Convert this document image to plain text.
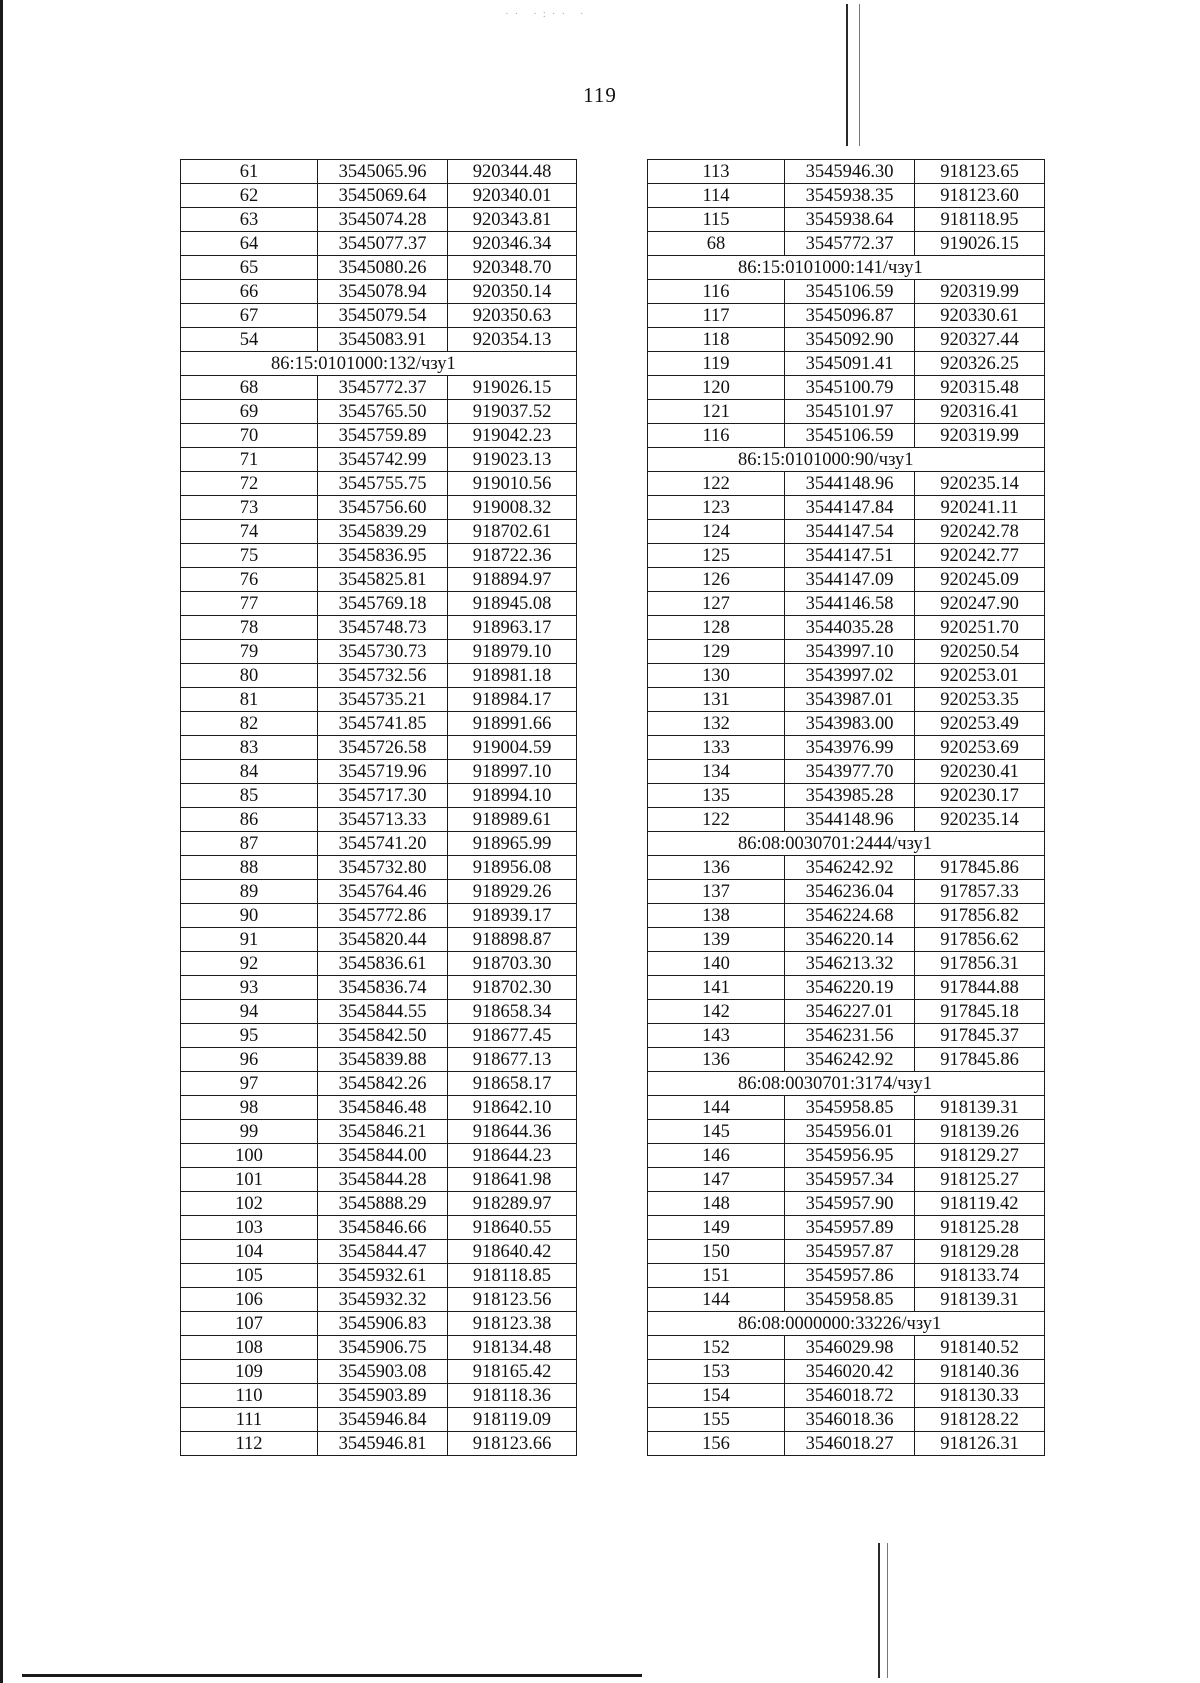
·· ·:·· ·
119
61	3545065.96	920344.48
62	3545069.64	920340.01
63	3545074.28	920343.81
64	3545077.37	920346.34
65	3545080.26	920348.70
66	3545078.94	920350.14
67	3545079.54	920350.63
54	3545083.91	920354.13
86:15:0101000:132/чзу1		
68	3545772.37	919026.15
69	3545765.50	919037.52
70	3545759.89	919042.23
71	3545742.99	919023.13
72	3545755.75	919010.56
73	3545756.60	919008.32
74	3545839.29	918702.61
75	3545836.95	918722.36
76	3545825.81	918894.97
77	3545769.18	918945.08
78	3545748.73	918963.17
79	3545730.73	918979.10
80	3545732.56	918981.18
81	3545735.21	918984.17
82	3545741.85	918991.66
83	3545726.58	919004.59
84	3545719.96	918997.10
85	3545717.30	918994.10
86	3545713.33	918989.61
87	3545741.20	918965.99
88	3545732.80	918956.08
89	3545764.46	918929.26
90	3545772.86	918939.17
91	3545820.44	918898.87
92	3545836.61	918703.30
93	3545836.74	918702.30
94	3545844.55	918658.34
95	3545842.50	918677.45
96	3545839.88	918677.13
97	3545842.26	918658.17
98	3545846.48	918642.10
99	3545846.21	918644.36
100	3545844.00	918644.23
101	3545844.28	918641.98
102	3545888.29	918289.97
103	3545846.66	918640.55
104	3545844.47	918640.42
105	3545932.61	918118.85
106	3545932.32	918123.56
107	3545906.83	918123.38
108	3545906.75	918134.48
109	3545903.08	918165.42
110	3545903.89	918118.36
111	3545946.84	918119.09
112	3545946.81	918123.66
113	3545946.30	918123.65
114	3545938.35	918123.60
115	3545938.64	918118.95
68	3545772.37	919026.15
86:15:0101000:141/чзу1		
116	3545106.59	920319.99
117	3545096.87	920330.61
118	3545092.90	920327.44
119	3545091.41	920326.25
120	3545100.79	920315.48
121	3545101.97	920316.41
116	3545106.59	920319.99
86:15:0101000:90/чзу1		
122	3544148.96	920235.14
123	3544147.84	920241.11
124	3544147.54	920242.78
125	3544147.51	920242.77
126	3544147.09	920245.09
127	3544146.58	920247.90
128	3544035.28	920251.70
129	3543997.10	920250.54
130	3543997.02	920253.01
131	3543987.01	920253.35
132	3543983.00	920253.49
133	3543976.99	920253.69
134	3543977.70	920230.41
135	3543985.28	920230.17
122	3544148.96	920235.14
86:08:0030701:2444/чзу1		
136	3546242.92	917845.86
137	3546236.04	917857.33
138	3546224.68	917856.82
139	3546220.14	917856.62
140	3546213.32	917856.31
141	3546220.19	917844.88
142	3546227.01	917845.18
143	3546231.56	917845.37
136	3546242.92	917845.86
86:08:0030701:3174/чзу1		
144	3545958.85	918139.31
145	3545956.01	918139.26
146	3545956.95	918129.27
147	3545957.34	918125.27
148	3545957.90	918119.42
149	3545957.89	918125.28
150	3545957.87	918129.28
151	3545957.86	918133.74
144	3545958.85	918139.31
86:08:0000000:33226/чзу1		
152	3546029.98	918140.52
153	3546020.42	918140.36
154	3546018.72	918130.33
155	3546018.36	918128.22
156	3546018.27	918126.31
